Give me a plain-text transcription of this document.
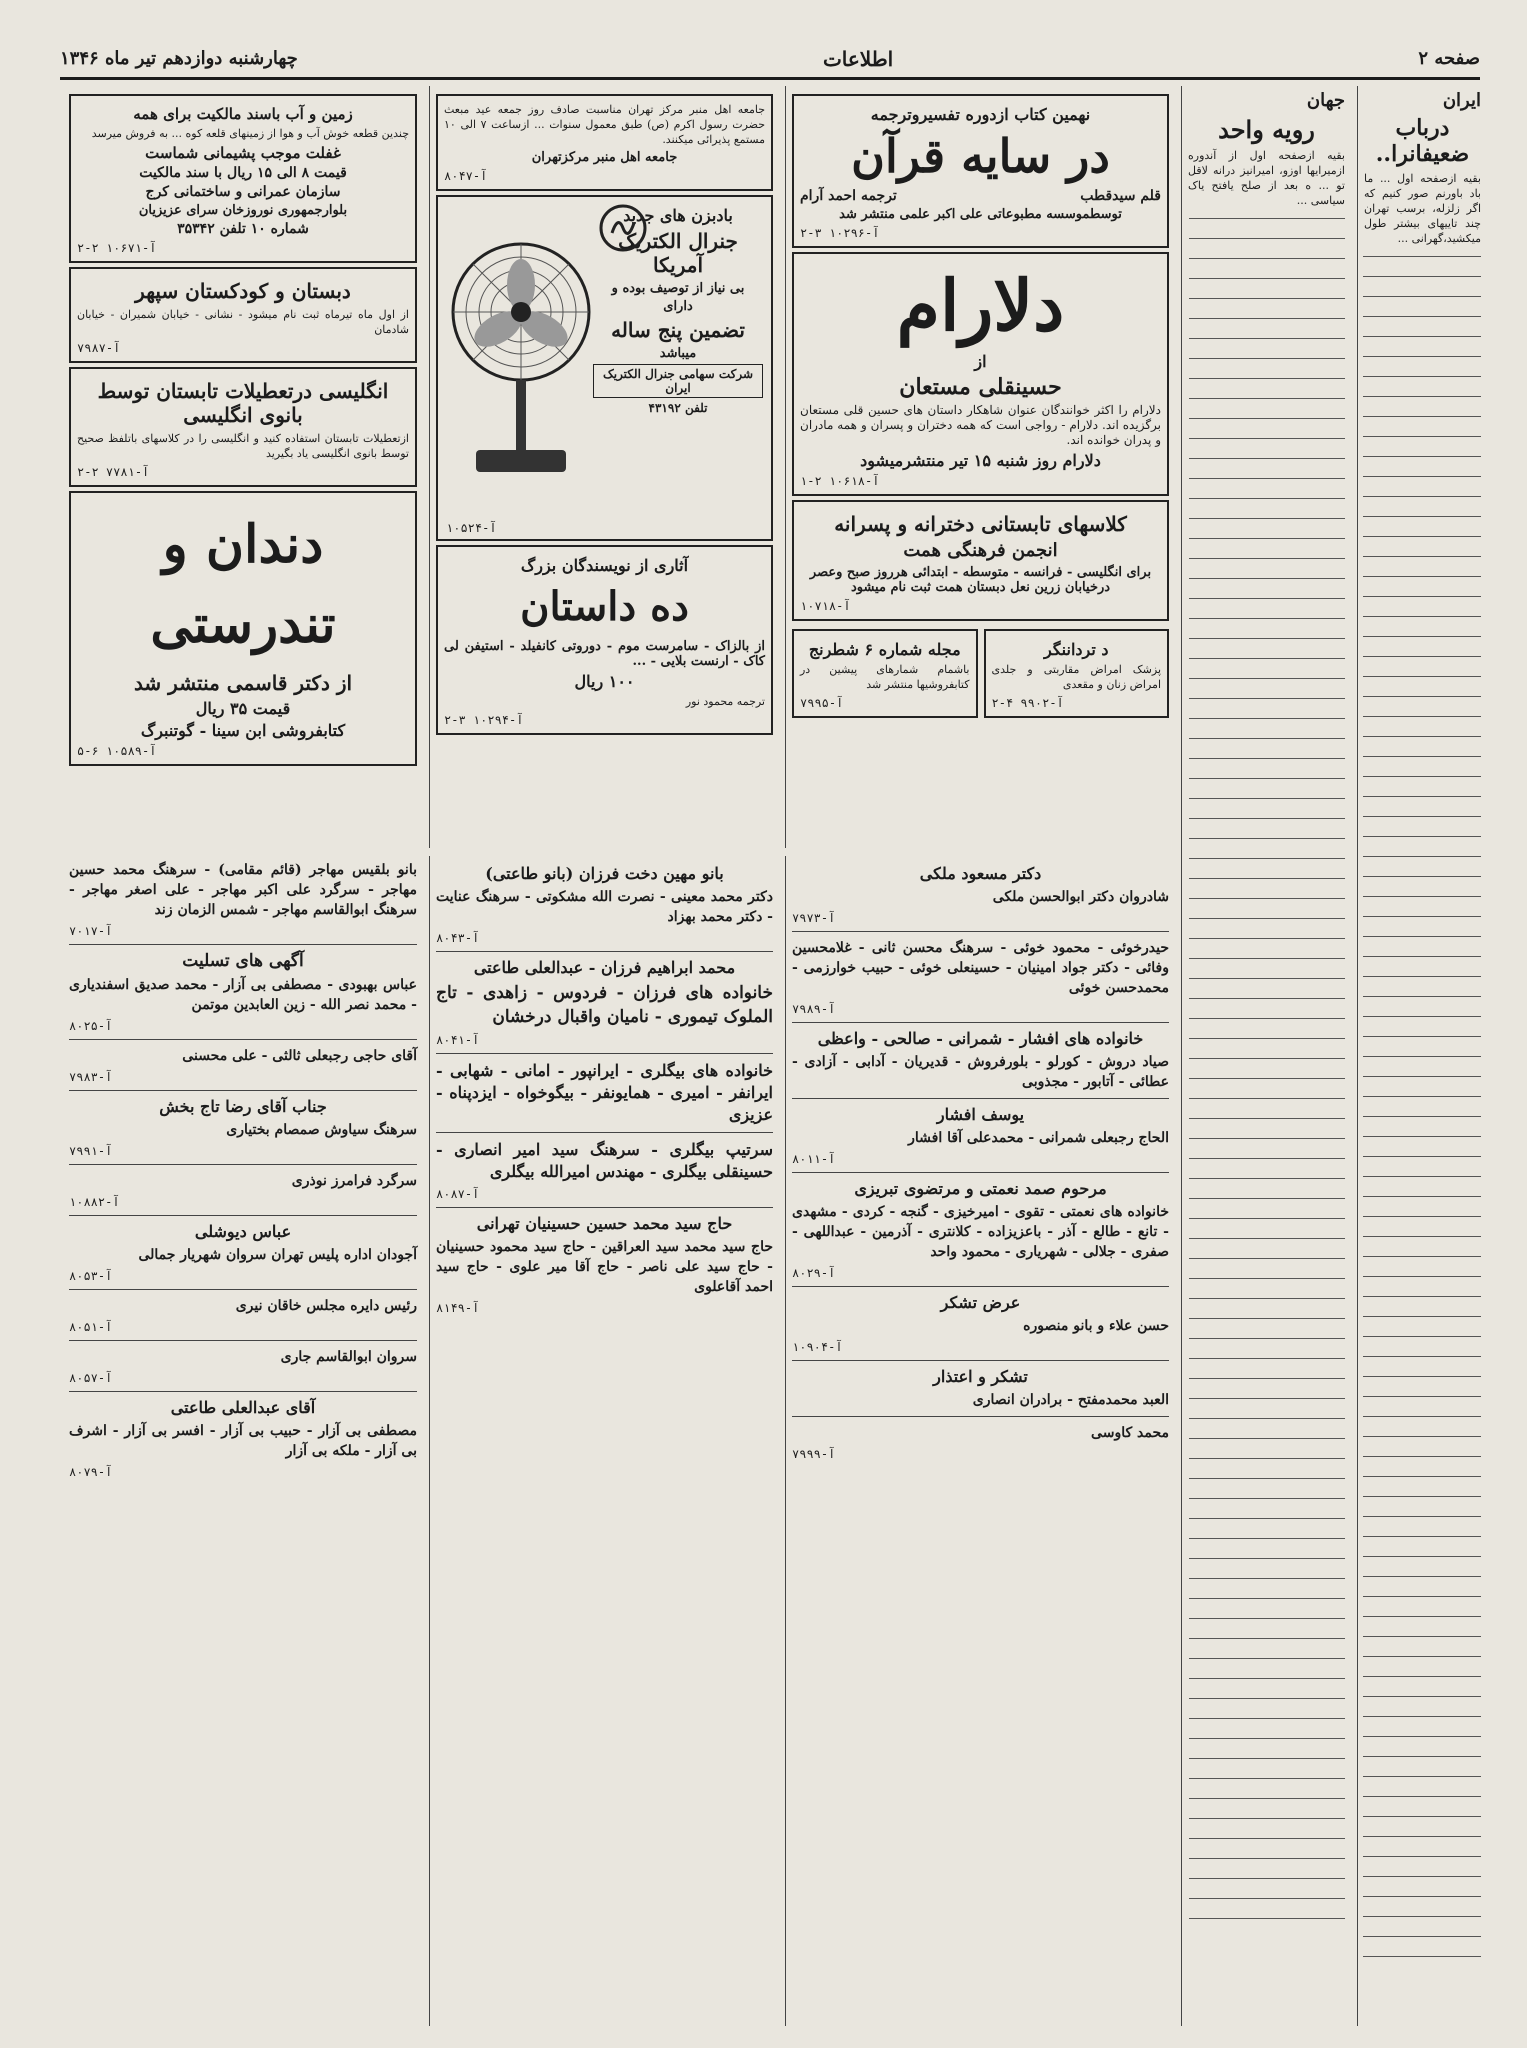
صفحه ۲
اطلاعات
چهارشنبه دوازدهم تیر ماه ۱۳۴۶
ایران
درباب ضعیفانرا..
بقیه ازصفحه اول ... ما باد باورنم صور کنیم که اگر زلزله، برسب تهران چند تاییهای بیشتر طول میکشید،گهرانی ...
جهان
رویه واحد
بقیه ازصفحه اول از آندوره ازمیرایها اوزو، امیرانیز درانه لاقل تو ... ه بعد از صلح یافتح یاک سیاسی ...
نهمین کتاب ازدوره تفسیروترجمه
در سایه قرآن
قلم سیدقطب
ترجمه احمد آرام
توسطموسسه مطبوعاتی علی اکبر علمی منتشر شد
۲-۳ آ-۱۰۲۹۶
دلارام
از
حسینقلی مستعان
دلارام را اکثر خوانندگان عنوان شاهکار داستان های حسین قلی مستعان برگزیده اند. دلارام - رواجی است که همه دختران و پسران و همه مادران و پدران خوانده اند.
دلارام روز شنبه ۱۵ تیر منتشرمیشود
۱-۲ آ-۱۰۶۱۸
کلاسهای تابستانی دخترانه و پسرانه
انجمن فرهنگی همت
برای انگلیسی - فرانسه - متوسطه - ابتدائی هرروز صبح وعصر درخیابان زرین نعل دبستان همت ثبت نام میشود
آ-۱۰۷۱۸
د ترداننگر
پزشک امراض مقاربتی و جلدی امراض زنان و مقعدی
۲-۴ آ-۹۹۰۲
مجله شماره ۶ شطرنج
باشمام شمارهای پیشین در کتابفروشیها منتشر شد
آ-۷۹۹۵
جامعه اهل منبر مرکز تهران مناسبت صادف روز جمعه عید مبعث حضرت رسول اکرم (ص) طبق معمول سنوات ... ازساعت ۷ الی ۱۰ مستمع پذیرائی میکنند.
جامعه اهل منبر مرکزتهران
آ-۸۰۴۷
بادبزن های جدید
جنرال الکتریک آمریکا
بی نیاز از توصیف بوده و
دارای
تضمین پنج ساله
میباشد
شرکت سهامی جنرال الکتریک ایران
تلفن ۴۳۱۹۲
آ-۱۰۵۲۴
آثاری از نویسندگان بزرگ
ده داستان
از بالزاک - سامرست موم - دوروتی کانفیلد - استیفن لی کاک - ارنست بلایی - ...
۱۰۰ ریال
ترجمه محمود نور
۲-۳ آ-۱۰۲۹۴
زمین و آب باسند مالکیت برای همه
چندین قطعه خوش آب و هوا از زمینهای قلعه کوه ... به فروش میرسد
غفلت موجب پشیمانی شماست
قیمت ۸ الی ۱۵ ریال با سند مالکیت
سازمان عمرانی و ساختمانی کرج
بلوارجمهوری نوروزخان سرای عزیزیان
شماره ۱۰ تلفن ۳۵۳۴۲
۲-۲ آ-۱۰۶۷۱
دبستان و کودکستان سپهر
از اول ماه تیرماه ثبت نام میشود - نشانی - خیابان شمیران - خیابان شادمان
آ-۷۹۸۷
انگلیسی درتعطیلات تابستان توسط بانوی انگلیسی
ازتعطیلات تابستان استفاده کنید و انگلیسی را در کلاسهای باتلفظ صحیح توسط بانوی انگلیسی یاد بگیرید
۲-۲ آ-۷۷۸۱
دندان و تندرستی
از دکتر قاسمی منتشر شد
قیمت ۳۵ ریال
کتابفروشی ابن سینا - گوتنبرگ
۵-۶ آ-۱۰۵۸۹
دکتر مسعود ملکی
شادروان دکتر ابوالحسن ملکی
آ-۷۹۷۳
حیدرخوئی - محمود خوئی - سرهنگ محسن ثانی - غلامحسین وفائی - دکتر جواد امینیان - حسینعلی خوئی - حبیب خوارزمی - محمدحسن خوئی
آ-۷۹۸۹
خانواده های افشار - شمرانی - صالحی - واعظی
صیاد دروش - کورلو - بلورفروش - قدیریان - آدابی - آزادی - عطائی - آتابور - مجذوبی
یوسف افشار
الحاج رجبعلی شمرانی - محمدعلی آقا افشار
آ-۸۰۱۱
مرحوم صمد نعمتی و مرتضوی تبریزی
خانواده های نعمتی - تقوی - امیرخیزی - گنجه - کردی - مشهدی - تانع - طالع - آذر - باعزیزاده - کلانتری - آذرمین - عبداللهی - صفری - جلالی - شهریاری - محمود واحد
آ-۸۰۲۹
عرض تشکر
حسن علاء و بانو منصوره
آ-۱۰۹۰۴
تشکر و اعتذار
العبد محمدمفتح - برادران انصاری
محمد کاوسی
آ-۷۹۹۹
بانو مهین دخت فرزان (بانو طاعتی)
دکتر محمد معینی - نصرت الله مشکوتی - سرهنگ عنایت - دکتر محمد بهزاد
آ-۸۰۴۳
محمد ابراهیم فرزان - عبدالعلی طاعتی
خانواده های فرزان - فردوس - زاهدی - تاج الملوک تیموری - نامیان واقبال درخشان
آ-۸۰۴۱
خانواده های بیگلری - ایرانپور - امانی - شهابی - ایرانفر - امیری - همایونفر - بیگوخواه - ایزدپناه - عزیزی
سرتیپ بیگلری - سرهنگ سید امیر انصاری - حسینقلی بیگلری - مهندس امیرالله بیگلری
آ-۸۰۸۷
حاج سید محمد حسین حسینیان تهرانی
حاج سید محمد سید العراقین - حاج سید محمود حسینیان - حاج سید علی ناصر - حاج آقا میر علوی - حاج سید احمد آقاعلوی
آ-۸۱۴۹
بانو بلقیس مهاجر (قائم مقامی) - سرهنگ محمد حسین مهاجر - سرگرد علی اکبر مهاجر - علی اصغر مهاجر - سرهنگ ابوالقاسم مهاجر - شمس الزمان زند
آ-۷۰۱۷
آگهی های تسلیت
عباس بهبودی - مصطفی بی آزار - محمد صدیق اسفندیاری - محمد نصر الله - زین العابدین موتمن
آ-۸۰۲۵
آقای حاجی رجبعلی ثالثی - علی محسنی
آ-۷۹۸۳
جناب آقای رضا تاج بخش
سرهنگ سیاوش صمصام بختیاری
آ-۷۹۹۱
سرگرد فرامرز نوذری
آ-۱۰۸۸۲
عباس دیوشلی
آجودان اداره پلیس تهران سروان شهریار جمالی
آ-۸۰۵۳
رئیس دایره مجلس خاقان نیری
آ-۸۰۵۱
سروان ابوالقاسم جاری
آ-۸۰۵۷
آقای عبدالعلی طاعتی
مصطفی بی آزار - حبیب بی آزار - افسر بی آزار - اشرف بی آزار - ملکه بی آزار
آ-۸۰۷۹
